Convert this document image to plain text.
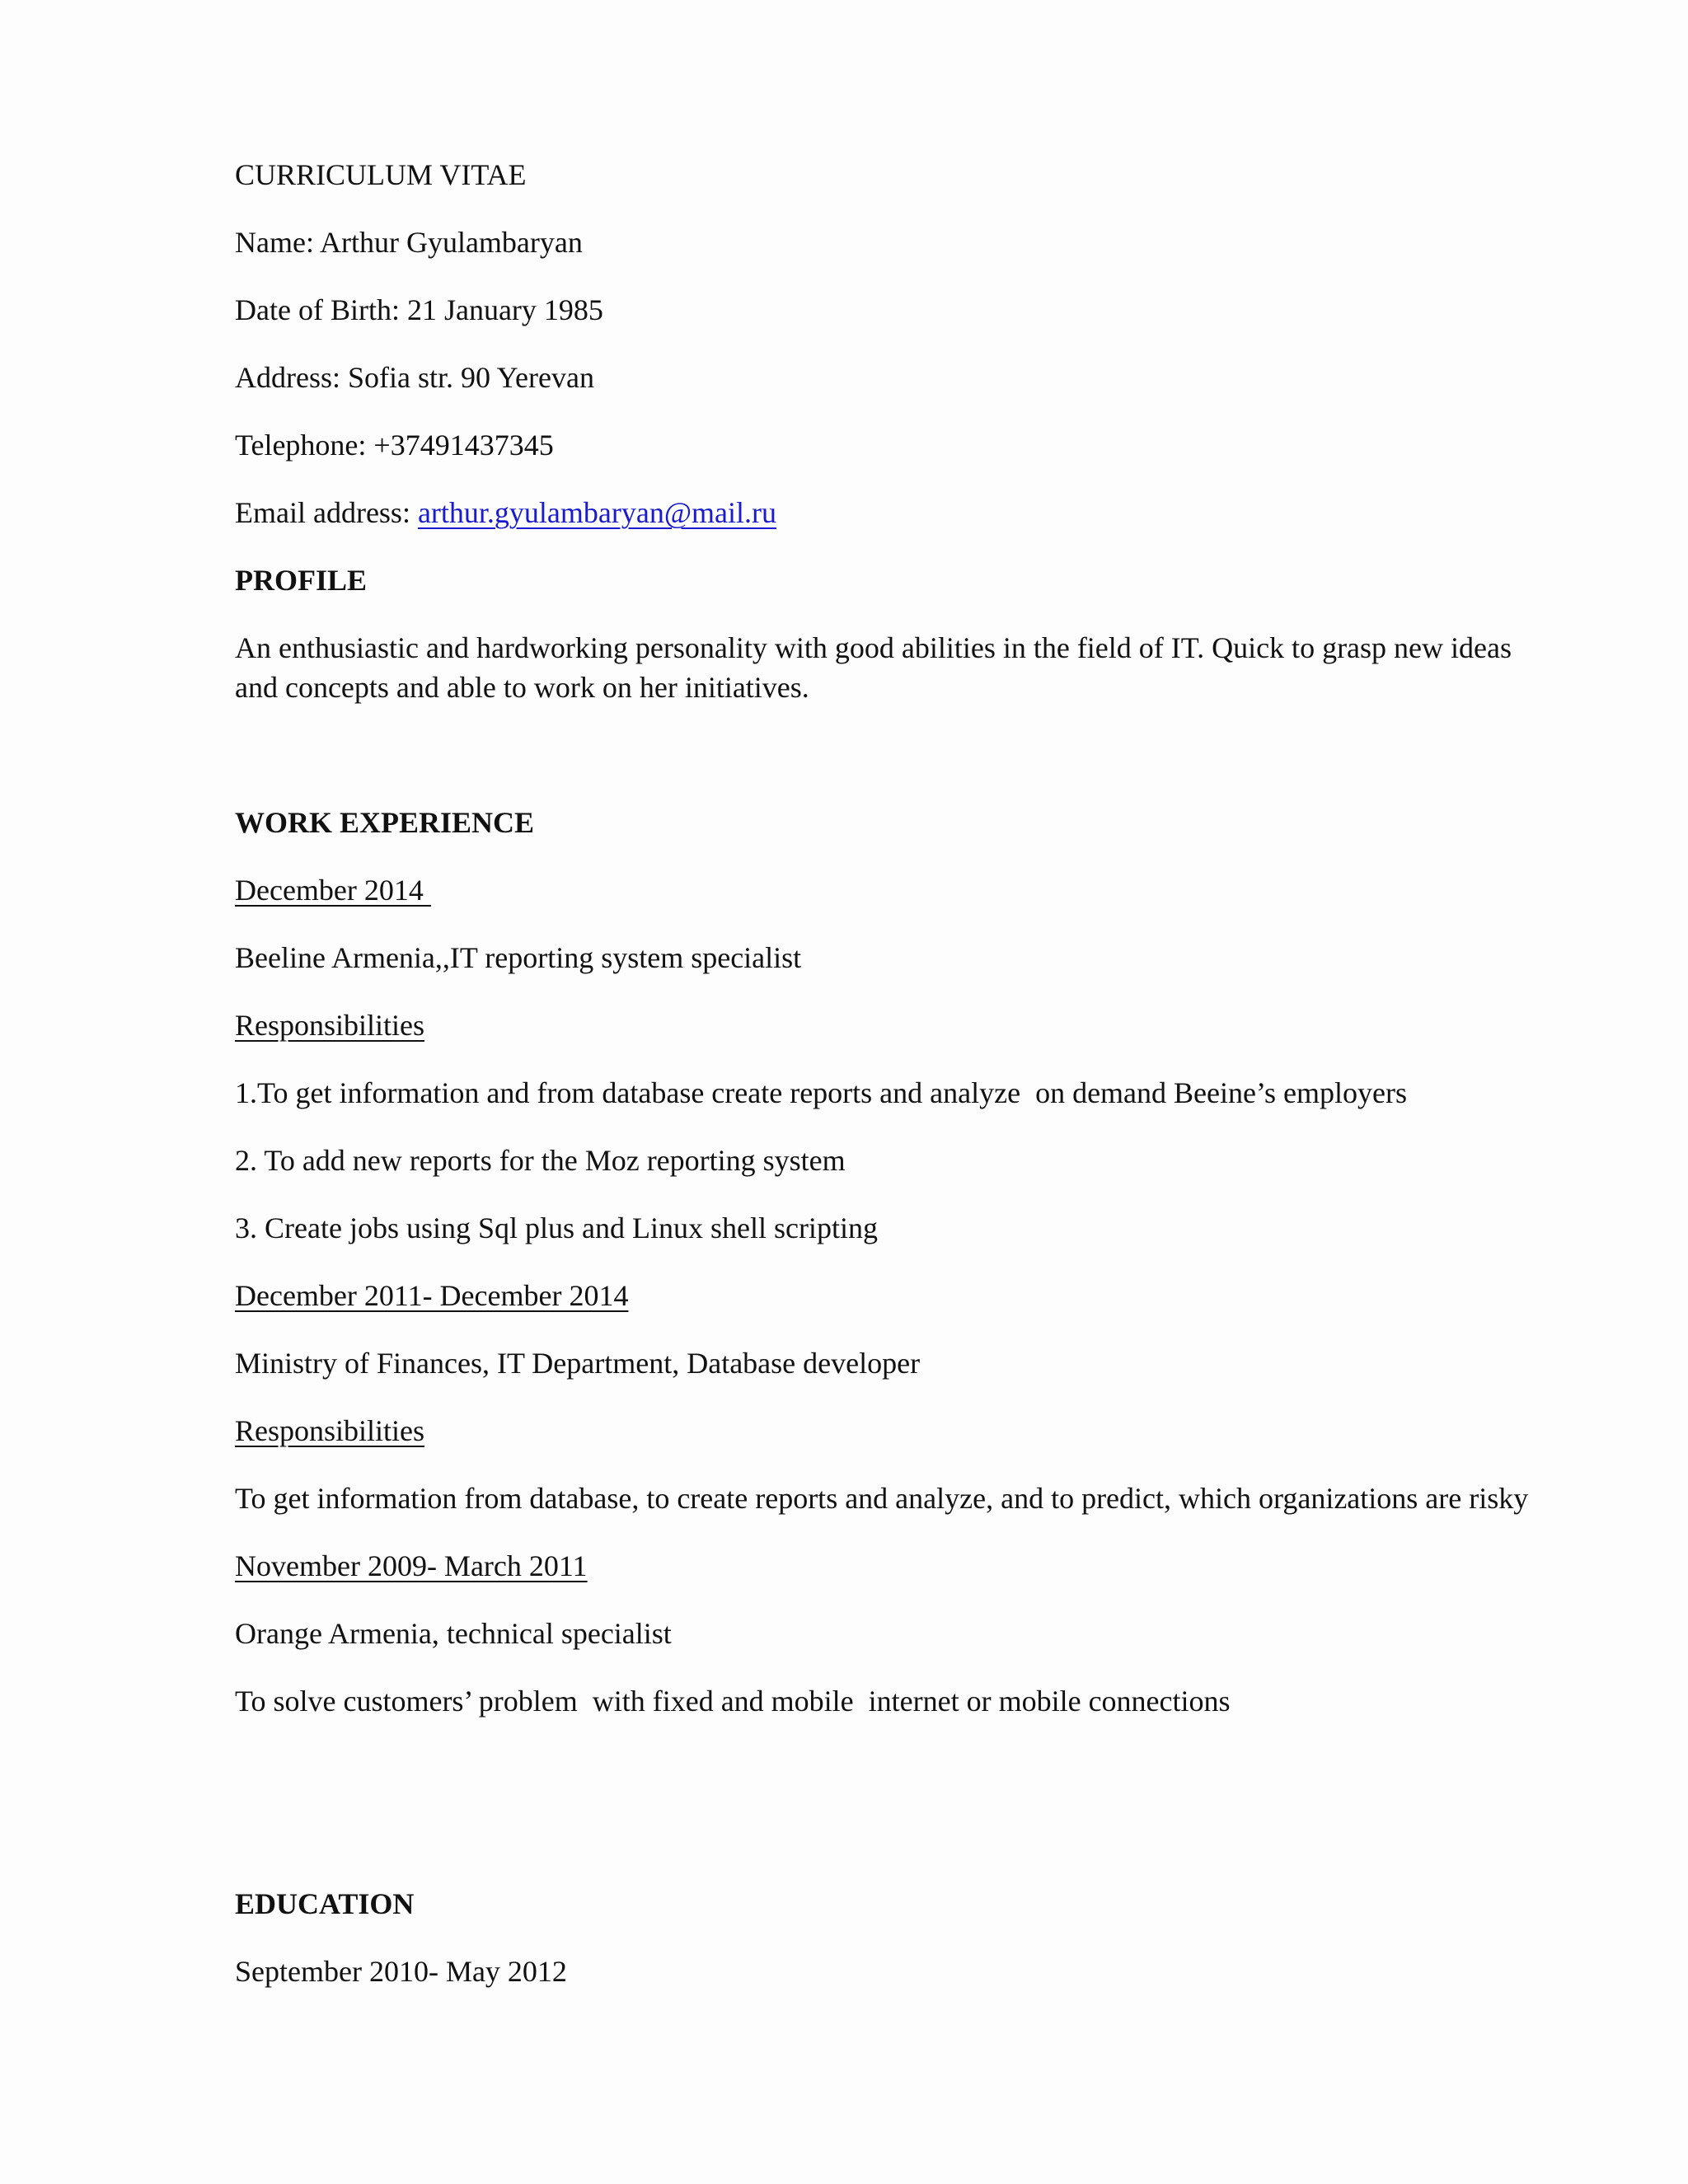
CURRICULUM VITAE

Name: Arthur Gyulambaryan

Date of Birth: 21 January 1985

Address: Sofia str. 90 Yerevan

Telephone: +37491437345

Email address: arthur.gyulambaryan@mail.ru

PROFILE

An enthusiastic and hardworking personality with good abilities in the field of IT. Quick to grasp new ideas

and concepts and able to work on her initiatives.

WORK EXPERIENCE

December 2014

Beeline Armenia,,IT reporting system specialist

Responsibilities

1.To get information and from database create reports and analyze  on demand Beeine’s employers

2. To add new reports for the Moz reporting system

3. Create jobs using Sql plus and Linux shell scripting

December 2011- December 2014

Ministry of Finances, IT Department, Database developer

Responsibilities

To get information from database, to create reports and analyze, and to predict, which organizations are risky

November 2009- March 2011

Orange Armenia, technical specialist

To solve customers’ problem  with fixed and mobile  internet or mobile connections

EDUCATION

September 2010- May 2012
